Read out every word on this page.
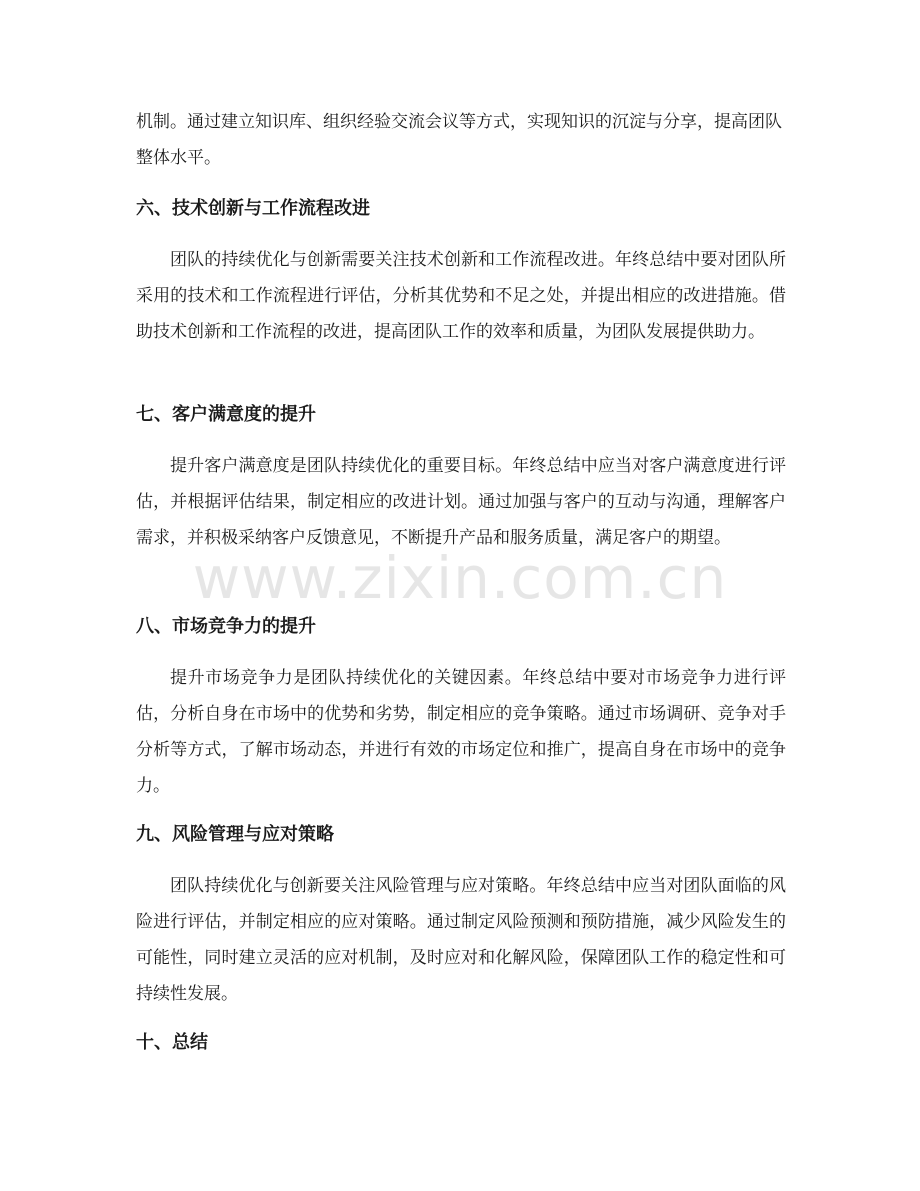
机制。通过建立知识库、组织经验交流会议等方式，实现知识的沉淀与分享，提高团队整体水平。

六、技术创新与工作流程改进

团队的持续优化与创新需要关注技术创新和工作流程改进。年终总结中要对团队所采用的技术和工作流程进行评估，分析其优势和不足之处，并提出相应的改进措施。借助技术创新和工作流程的改进，提高团队工作的效率和质量，为团队发展提供助力。

七、客户满意度的提升

提升客户满意度是团队持续优化的重要目标。年终总结中应当对客户满意度进行评估，并根据评估结果，制定相应的改进计划。通过加强与客户的互动与沟通，理解客户需求，并积极采纳客户反馈意见，不断提升产品和服务质量，满足客户的期望。

八、市场竞争力的提升

提升市场竞争力是团队持续优化的关键因素。年终总结中要对市场竞争力进行评估，分析自身在市场中的优势和劣势，制定相应的竞争策略。通过市场调研、竞争对手分析等方式，了解市场动态，并进行有效的市场定位和推广，提高自身在市场中的竞争力。

九、风险管理与应对策略

团队持续优化与创新要关注风险管理与应对策略。年终总结中应当对团队面临的风险进行评估，并制定相应的应对策略。通过制定风险预测和预防措施，减少风险发生的可能性，同时建立灵活的应对机制，及时应对和化解风险，保障团队工作的稳定性和可持续性发展。

十、总结
www.zixin.com.cn
